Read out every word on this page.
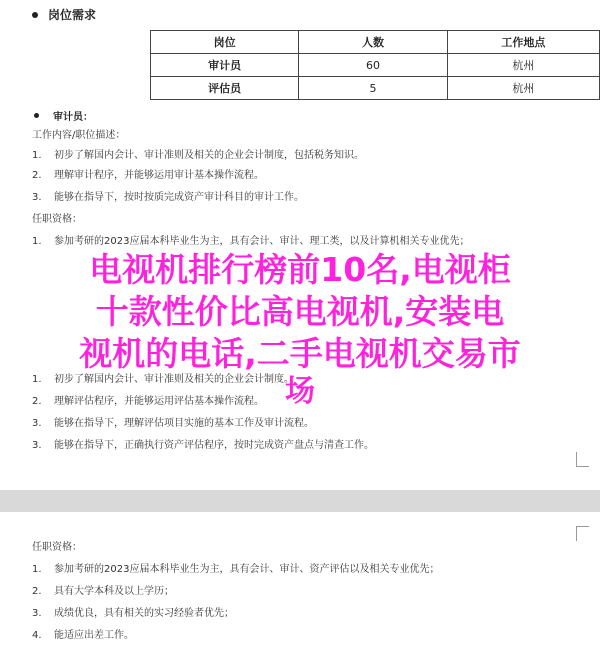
岗位需求
岗位	人数	工作地点
审计员	60	杭州
评估员	5	杭州
审计员：
工作内容/职位描述：
1. 初步了解国内会计、审计准则及相关的企业会计制度，包括税务知识。
2. 理解审计程序，并能够运用审计基本操作流程。
3. 能够在指导下，按时按质完成资产审计科目的审计工作。
任职资格：
1. 参加考研的2023应届本科毕业生为主，具有会计、审计、理工类，以及计算机相关专业优先；
1. 初步了解国内会计、审计准则及相关的企业会计制度。
2. 理解评估程序，并能够运用评估基本操作流程。
3. 能够在指导下，理解评估项目实施的基本工作及审计流程。
3. 能够在指导下，正确执行资产评估程序，按时完成资产盘点与清查工作。
电视机排行榜前10名,电视柜
十款性价比高电视机,安装电
视机的电话,二手电视机交易市
场
任职资格：
1. 参加考研的2023应届本科毕业生为主，具有会计、审计、资产评估以及相关专业优先；
2. 具有大学本科及以上学历；
3. 成绩优良，具有相关的实习经验者优先；
4. 能适应出差工作。
